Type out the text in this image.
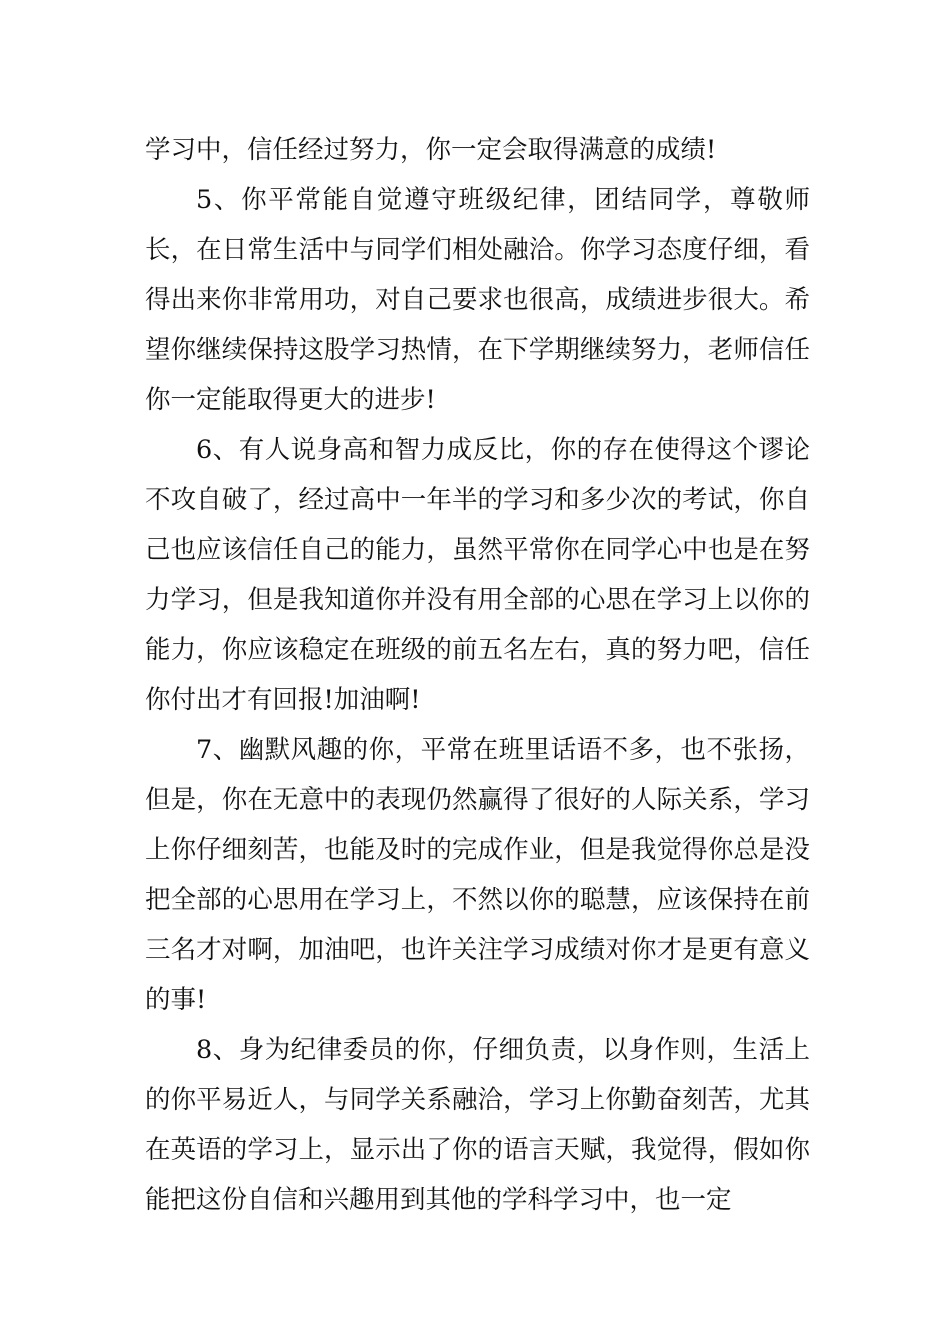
学习中，信任经过努力，你一定会取得满意的成绩!

5、你平常能自觉遵守班级纪律，团结同学，尊敬师长，在日常生活中与同学们相处融洽。你学习态度仔细，看得出来你非常用功，对自己要求也很高，成绩进步很大。希望你继续保持这股学习热情，在下学期继续努力，老师信任你一定能取得更大的进步!

6、有人说身高和智力成反比，你的存在使得这个谬论不攻自破了，经过高中一年半的学习和多少次的考试，你自己也应该信任自己的能力，虽然平常你在同学心中也是在努力学习，但是我知道你并没有用全部的心思在学习上以你的能力，你应该稳定在班级的前五名左右，真的努力吧，信任你付出才有回报!加油啊!

7、幽默风趣的你，平常在班里话语不多，也不张扬，但是，你在无意中的表现仍然赢得了很好的人际关系，学习上你仔细刻苦，也能及时的完成作业，但是我觉得你总是没把全部的心思用在学习上，不然以你的聪慧，应该保持在前三名才对啊，加油吧，也许关注学习成绩对你才是更有意义的事!

8、身为纪律委员的你，仔细负责，以身作则，生活上的你平易近人，与同学关系融洽，学习上你勤奋刻苦，尤其在英语的学习上，显示出了你的语言天赋，我觉得，假如你能把这份自信和兴趣用到其他的学科学习中，也一定
